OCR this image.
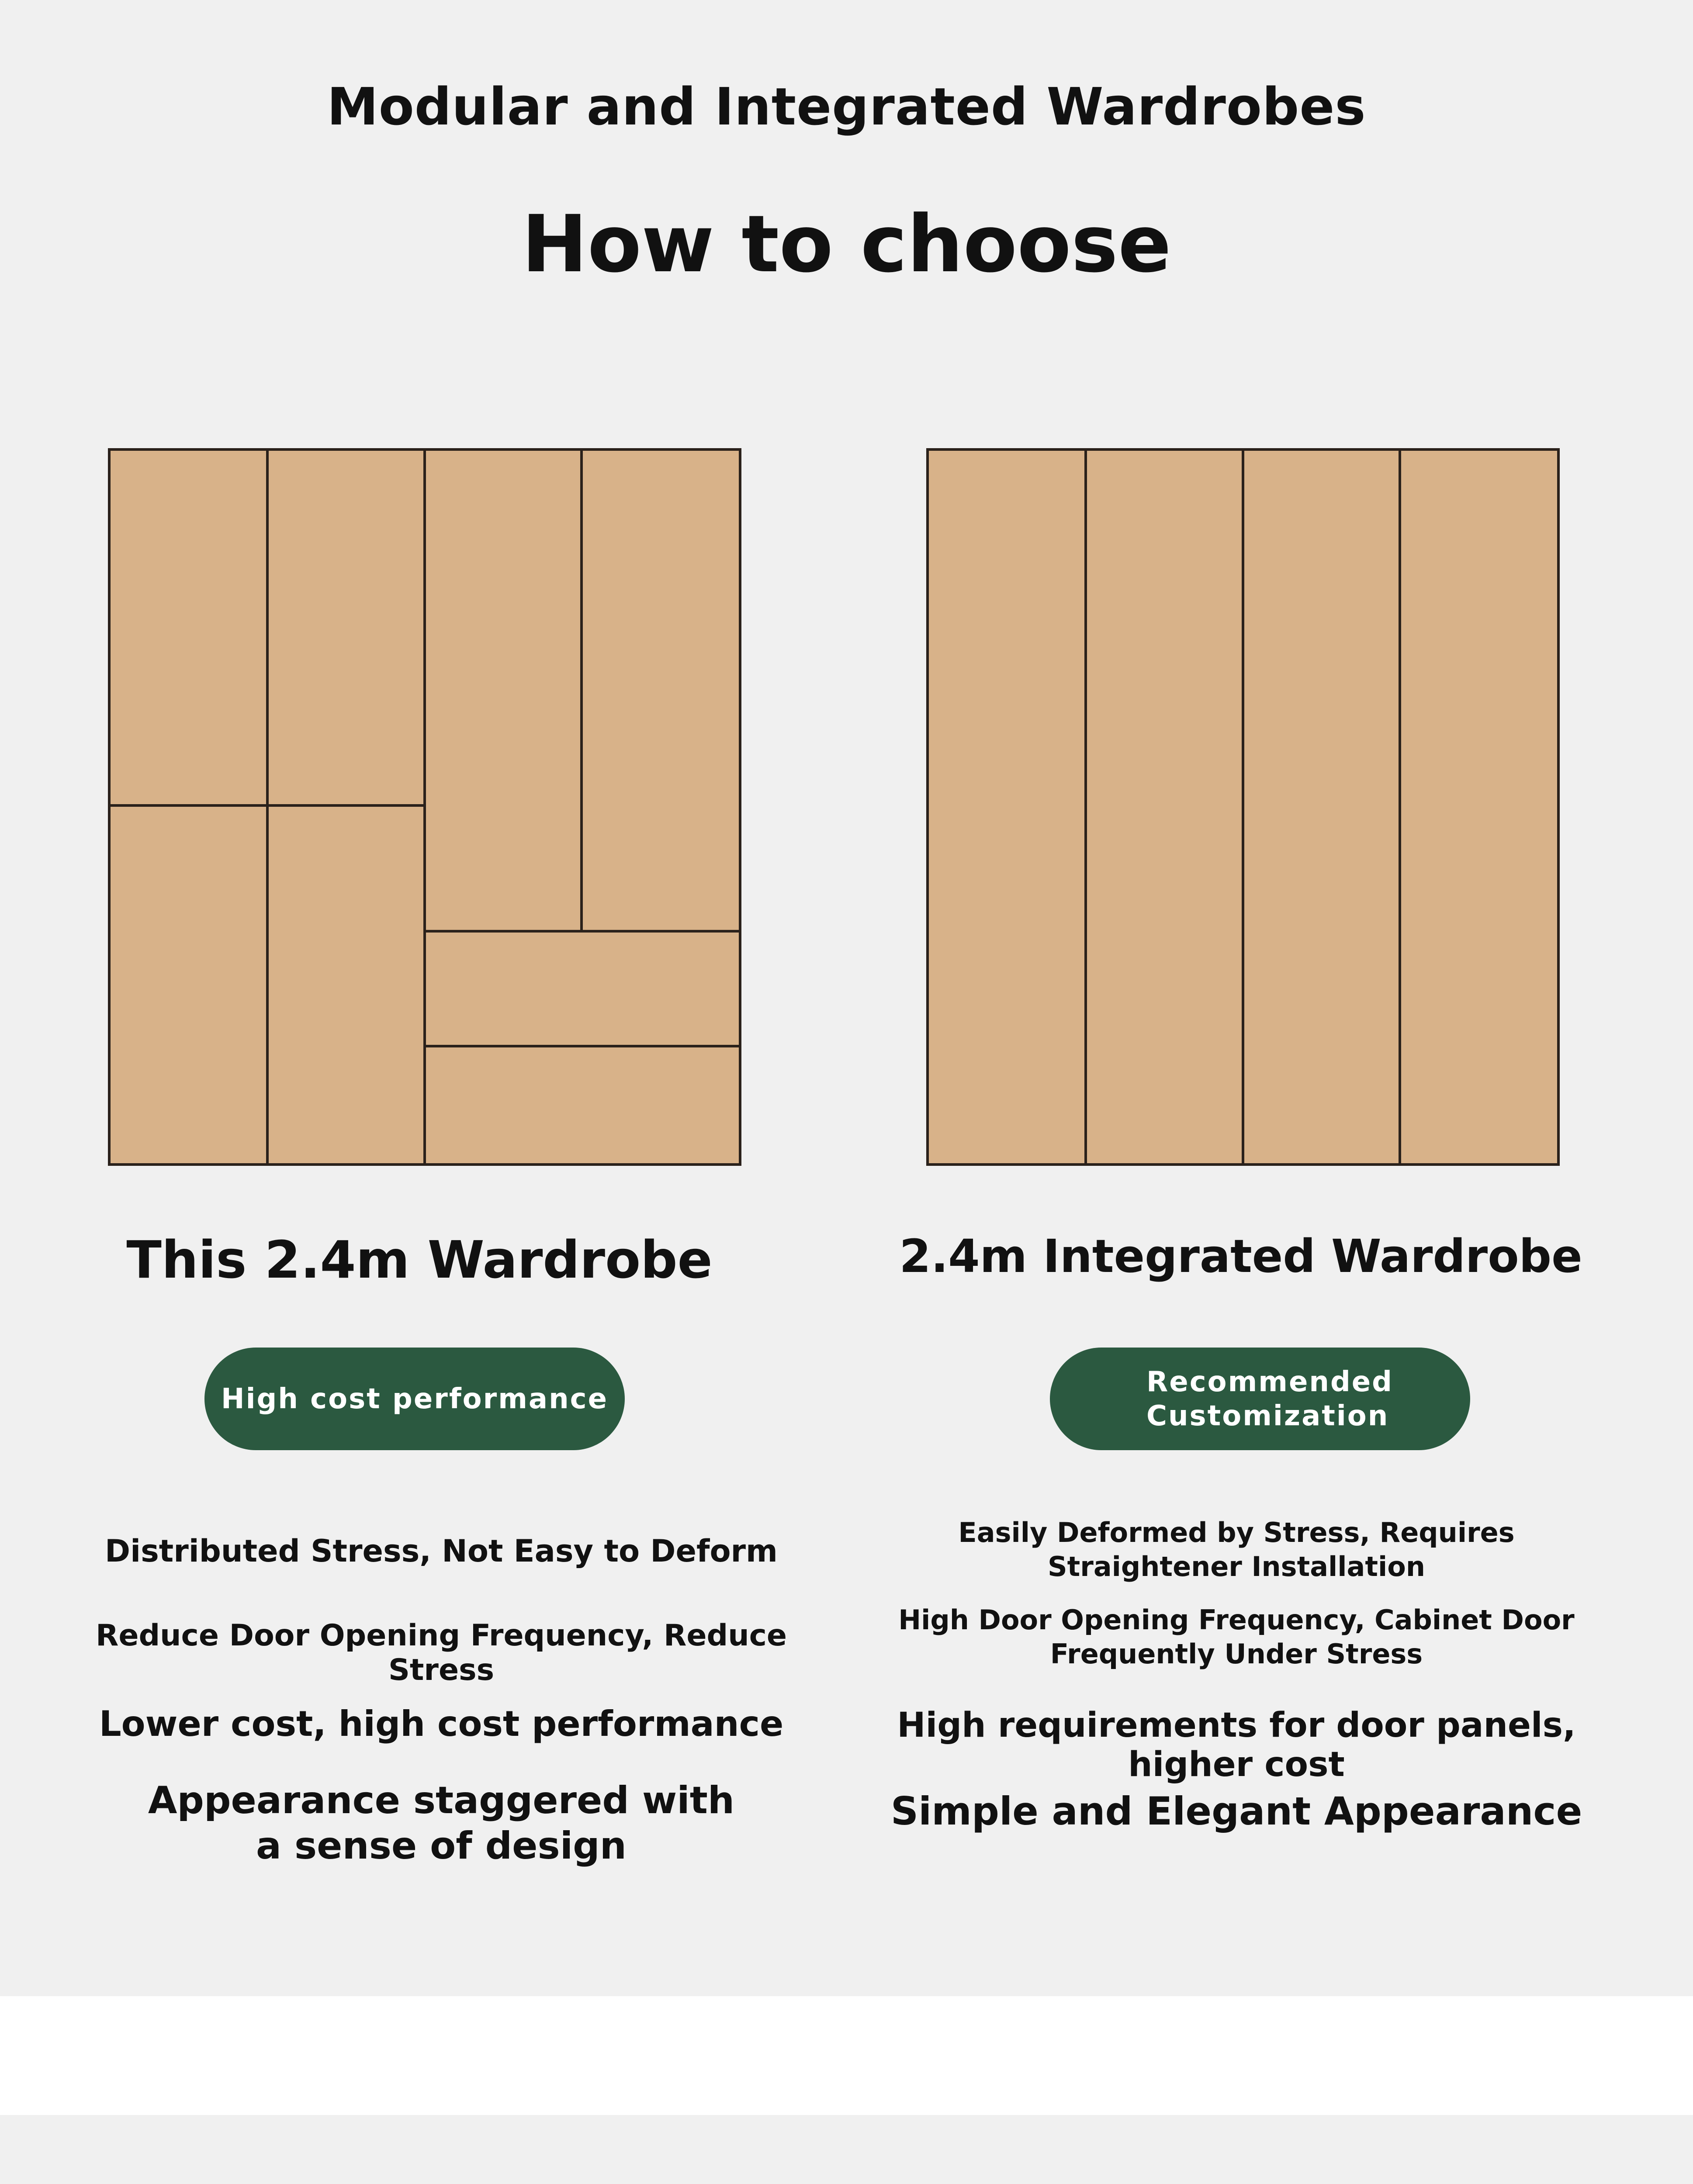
Modular and Integrated Wardrobes
How to choose
This 2.4m Wardrobe	2.4m Integrated Wardrobe
High cost performance
Recommended
Customization
Distributed Stress, Not Easy to Deform
Reduce Door Opening Frequency, Reduce Stress
Lower cost, high cost performance
Appearance staggered with a sense of design
Easily Deformed by Stress, Requires Straightener Installation
High Door Opening Frequency, Cabinet Door Frequently Under Stress
High requirements for door panels, higher cost
Simple and Elegant Appearance
